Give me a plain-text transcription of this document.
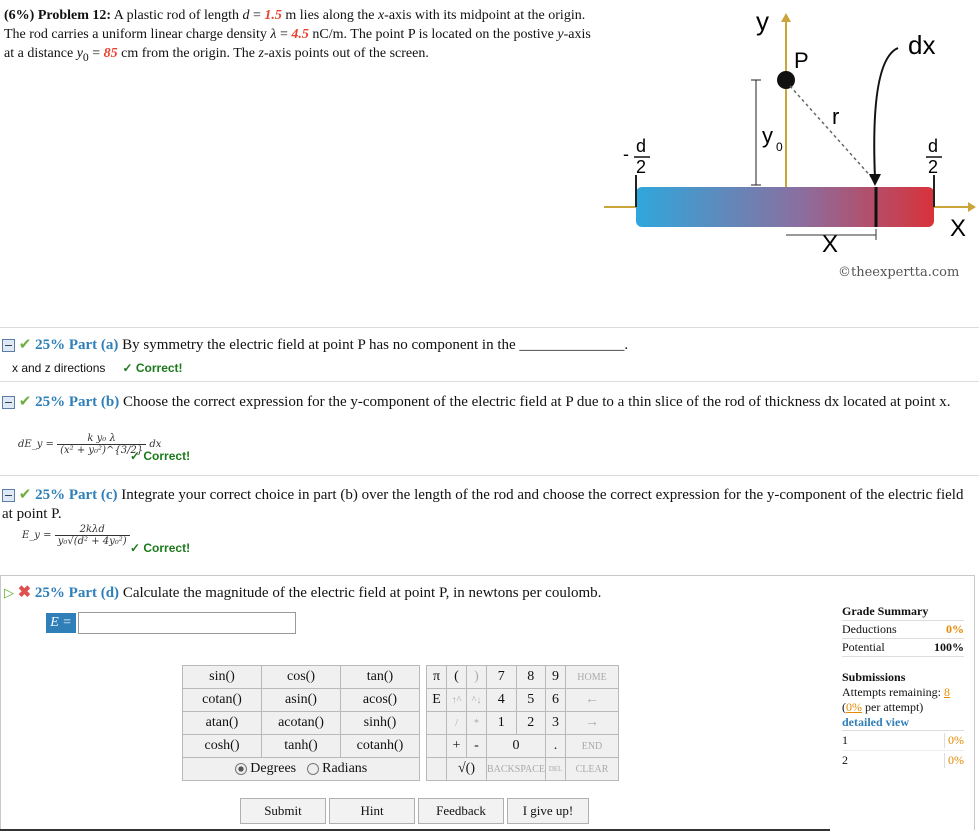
(6%) Problem 12: A plastic rod of length d = 1.5 m lies along the x-axis with its midpoint at the origin. The rod carries a uniform linear charge density λ = 4.5 nC/m. The point P is located on the postive y-axis at a distance $y_0 = 85$ cm from the origin. The z-axis points out of the screen.
y
P
r
dx
y 0
- d
2
d
2
X
X
©theexpertta.com
✔ 25% Part (a) By symmetry the electric field at point P has no component in the ______________.
x and z directions ✓ Correct!
✔ 25% Part (b) Choose the correct expression for the y-component of the electric field at P due to a thin slice of the rod of thickness dx located at point x.
dE_y = $\frac{\text{k y₀ λ}}{\text{(x² + y₀²)\textasciicircum{}\{3/2\}}}$ dx
✓ Correct!
✔ 25% Part (c) Integrate your correct choice in part (b) over the length of the rod and choose the correct expression for the y-component of the electric field at point P.
E_y = $\frac{\text{2kλd}}{\text{y₀√(d² + 4y₀²)}}$
✓ Correct!
▷ ✖ 25% Part (d) Calculate the magnitude of the electric field at point P, in newtons per coulomb.
E =
sin()	cos()	tan()
cotan()	asin()	acos()
atan()	acotan()	sinh()
cosh()	tanh()	cotanh()
Degrees Radians		
π	(	)	7	8	9	HOME
E	↑^	^↓	4	5	6	←
	/	*	1	2	3	→
	+	-	0		.	END
	√()		BACKSPACE		DEL	CLEAR
Submit	Hint	Feedback	I give up!
Grade Summary
Deductions	0%
Potential	100%
Submissions
Attempts remaining: 8
(0% per attempt)
detailed view
1	0%
2	0%
